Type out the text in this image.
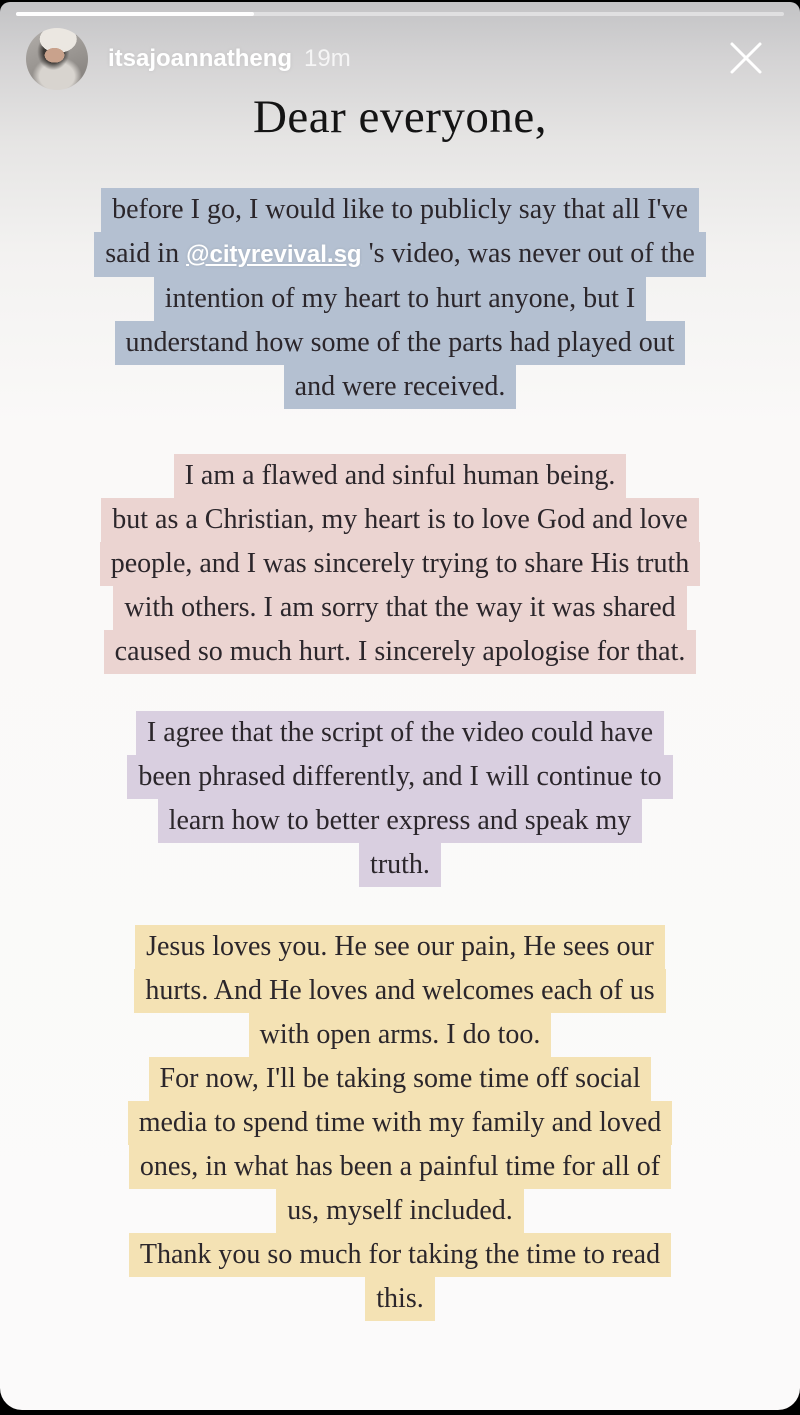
itsajoannatheng 19m
Dear everyone,
before I go, I would like to publicly say that all I've
said in @cityrevival.sg 's video, was never out of the
intention of my heart to hurt anyone, but I
understand how some of the parts had played out
and were received.
I am a flawed and sinful human being.
but as a Christian, my heart is to love God and love
people, and I was sincerely trying to share His truth
with others. I am sorry that the way it was shared
caused so much hurt. I sincerely apologise for that.
I agree that the script of the video could have
been phrased differently, and I will continue to
learn how to better express and speak my
truth.
Jesus loves you. He see our pain, He sees our
hurts. And He loves and welcomes each of us
with open arms. I do too.
For now, I'll be taking some time off social
media to spend time with my family and loved
ones, in what has been a painful time for all of
us, myself included.
Thank you so much for taking the time to read
this.
